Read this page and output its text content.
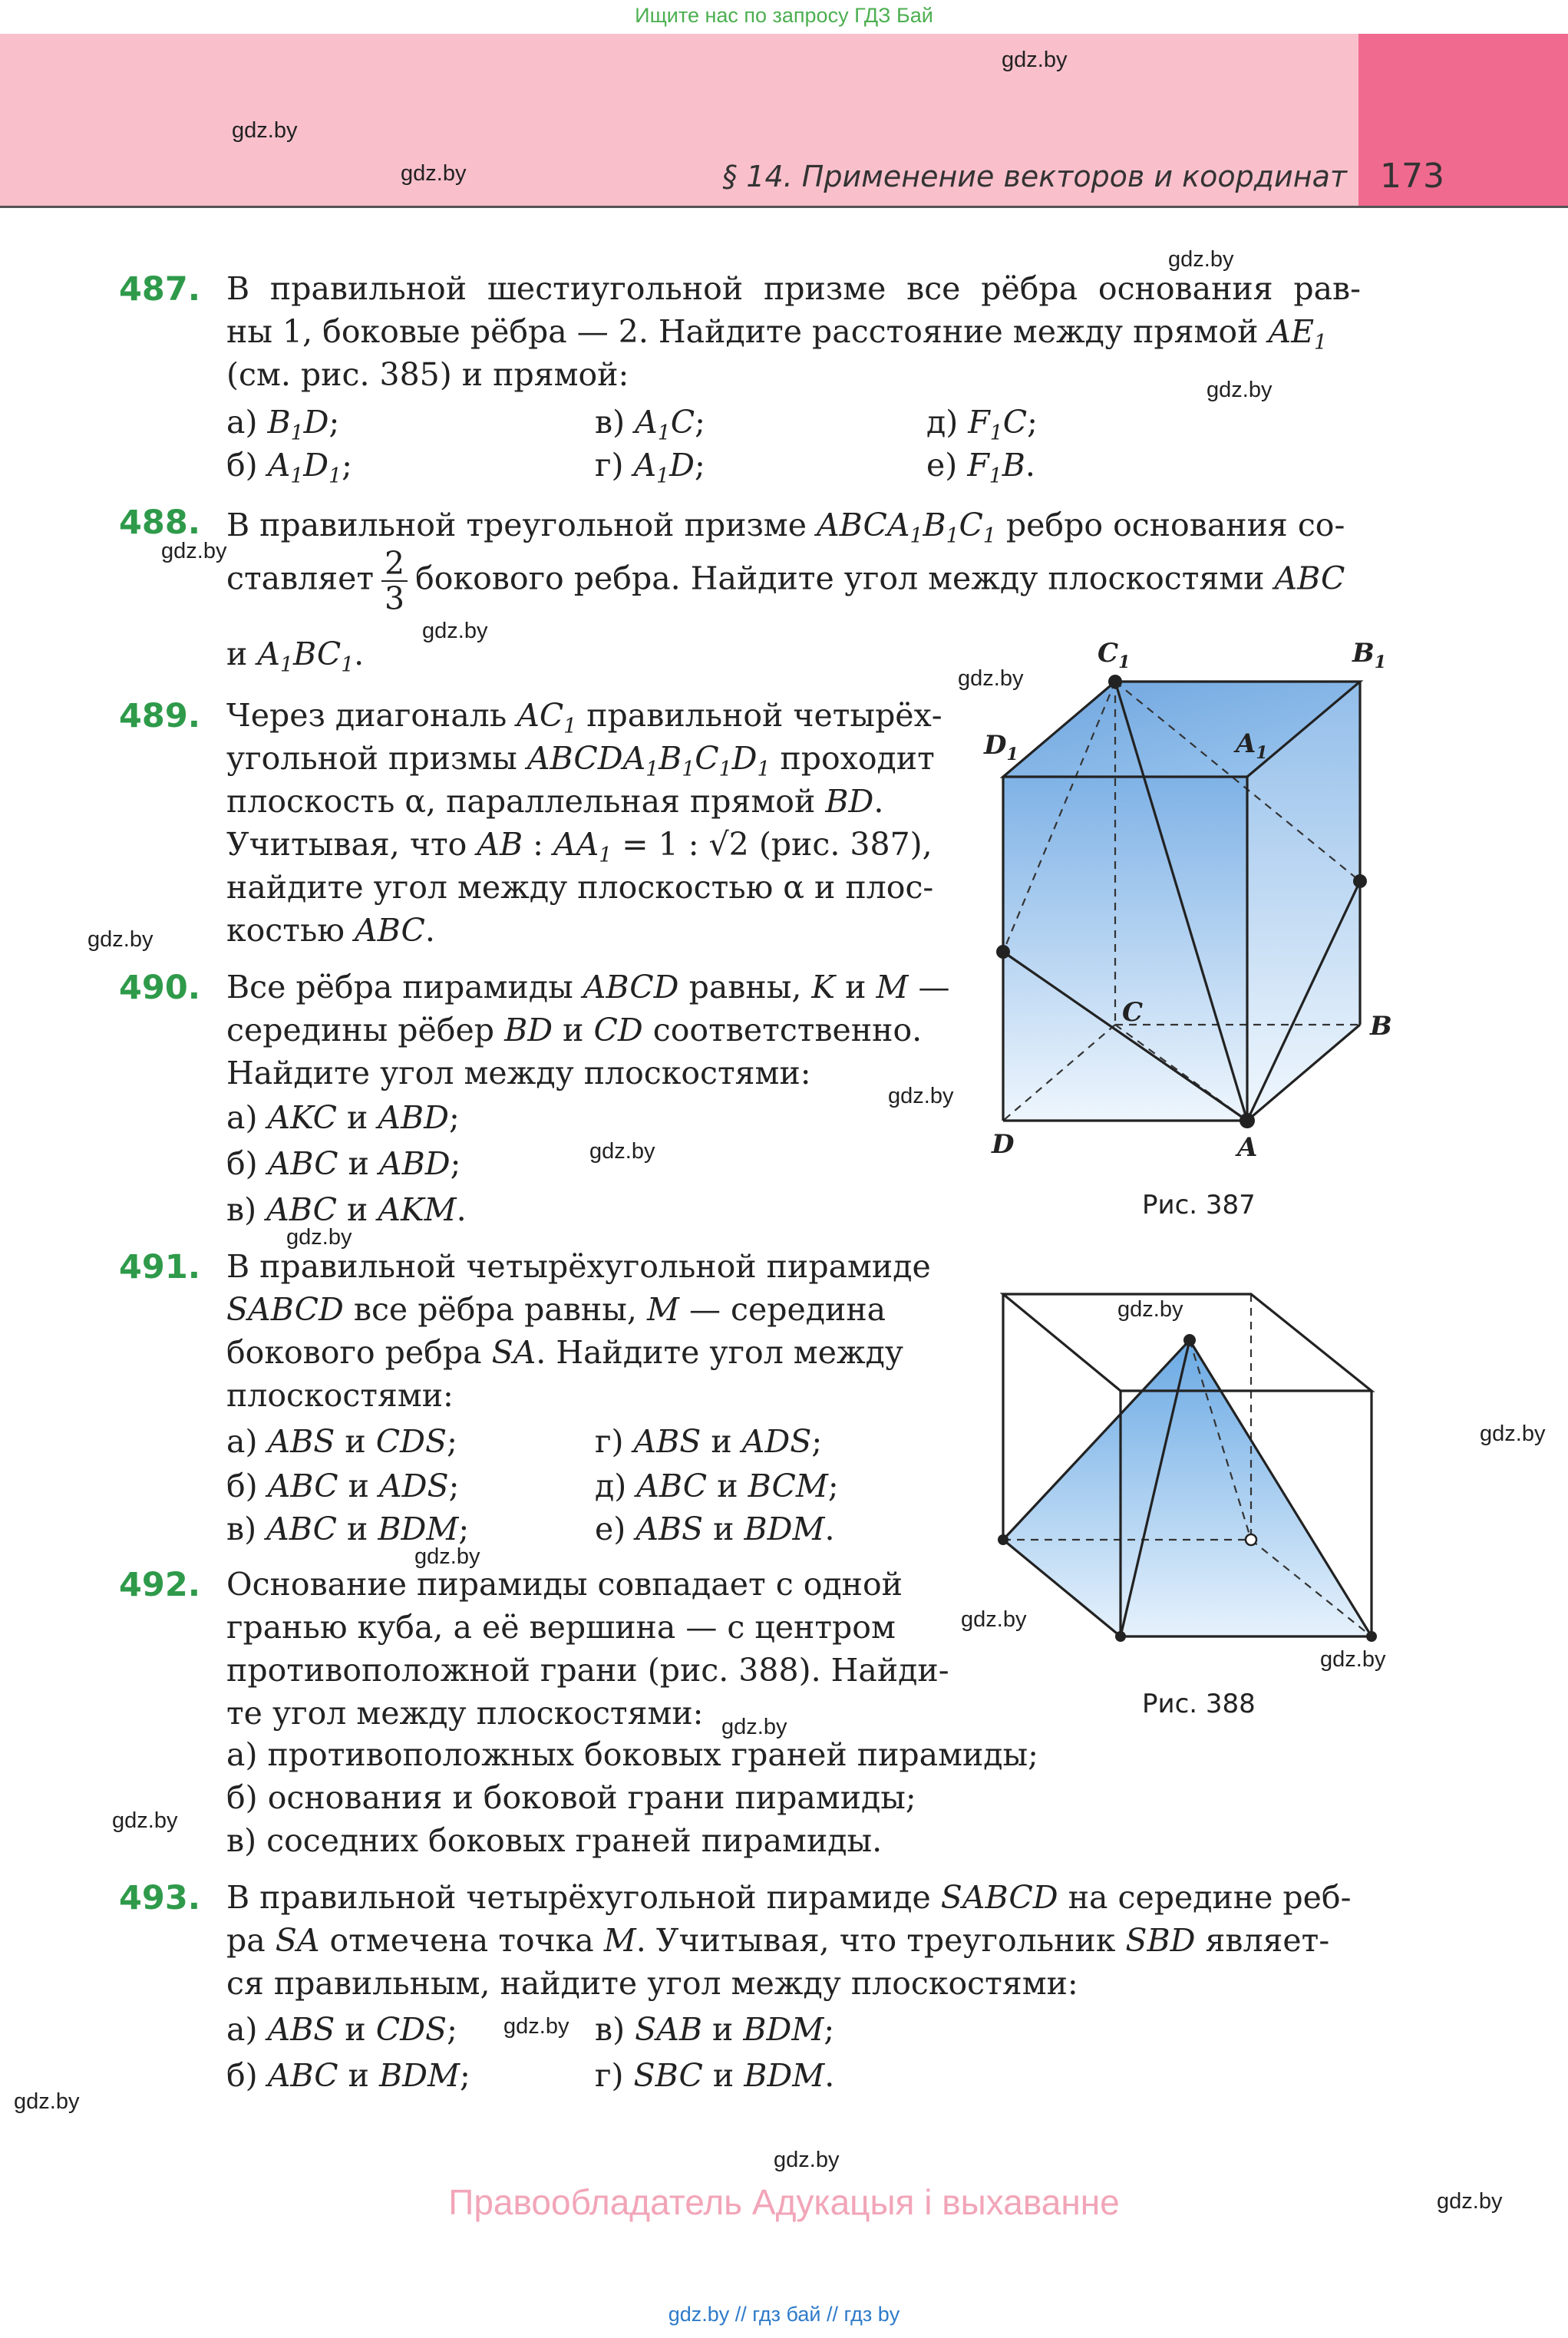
Ищите нас по запросу ГДЗ Бай
§ 14. Применение векторов и координат 173
gdz.by
gdz.by
gdz.by
gdz.by
gdz.by
gdz.by
gdz.by
gdz.by
gdz.by
gdz.by
gdz.by
gdz.by
gdz.by
gdz.by
gdz.by
gdz.by
gdz.by
gdz.by
gdz.by
gdz.by
gdz.by
gdz.by
gdz.by
487. В правильной шестиугольной призме все рёбра основания рав-
ны 1, боковые рёбра — 2. Найдите расстояние между прямой $AE_1$
(см. рис. 385) и прямой:
а) $B_1D$;	в) $A_1C$;	д) $F_1C$;
б) $A_1D_1$;	г) $A_1D$;	е) $F_1B$.
488. В правильной треугольной призме $ABCA_1B_1C_1$ ребро основания со-
ставляет $\frac{2}{3}$ бокового ребра. Найдите угол между плоскостями ABC
и $A_1BC_1$.
489. Через диагональ $AC_1$ правильной четырёх-
угольной призмы $ABCDA_1B_1C_1D_1$ проходит
плоскость α, параллельная прямой BD.
Учитывая, что AB : $AA_1 = 1$ : √2 (рис. 387),
найдите угол между плоскостью α и плос-
костью ABC.
490. Все рёбра пирамиды ABCD равны, K и M —
середины рёбер BD и CD соответственно.
Найдите угол между плоскостями:
а) AKC и ABD;
б) ABC и ABD;
в) ABC и AKM.
491. В правильной четырёхугольной пирамиде
SABCD все рёбра равны, M — середина
бокового ребра SA. Найдите угол между
плоскостями:
а) ABS и CDS;	г) ABS и ADS;
б) ABC и ADS;	д) ABC и BCM;
в) ABC и BDM;	е) ABS и BDM.
492. Основание пирамиды совпадает с одной
гранью куба, а её вершина — с центром
противоположной грани (рис. 388). Найди-
те угол между плоскостями:
а) противоположных боковых граней пирамиды;
б) основания и боковой грани пирамиды;
в) соседних боковых граней пирамиды.
493. В правильной четырёхугольной пирамиде SABCD на середине реб-
ра SA отмечена точка M. Учитывая, что треугольник SBD являет-
ся правильным, найдите угол между плоскостями:
а) ABS и CDS;	в) SAB и BDM;
б) ABC и BDM;	г) SBC и BDM.
$C_1$	$B_1$
$D_1$	$A_1$
C	B
D	A
Рис. 387
Рис. 388
Правообладатель Адукацыя і выхаванне
gdz.by // гдз бай // гдз by
